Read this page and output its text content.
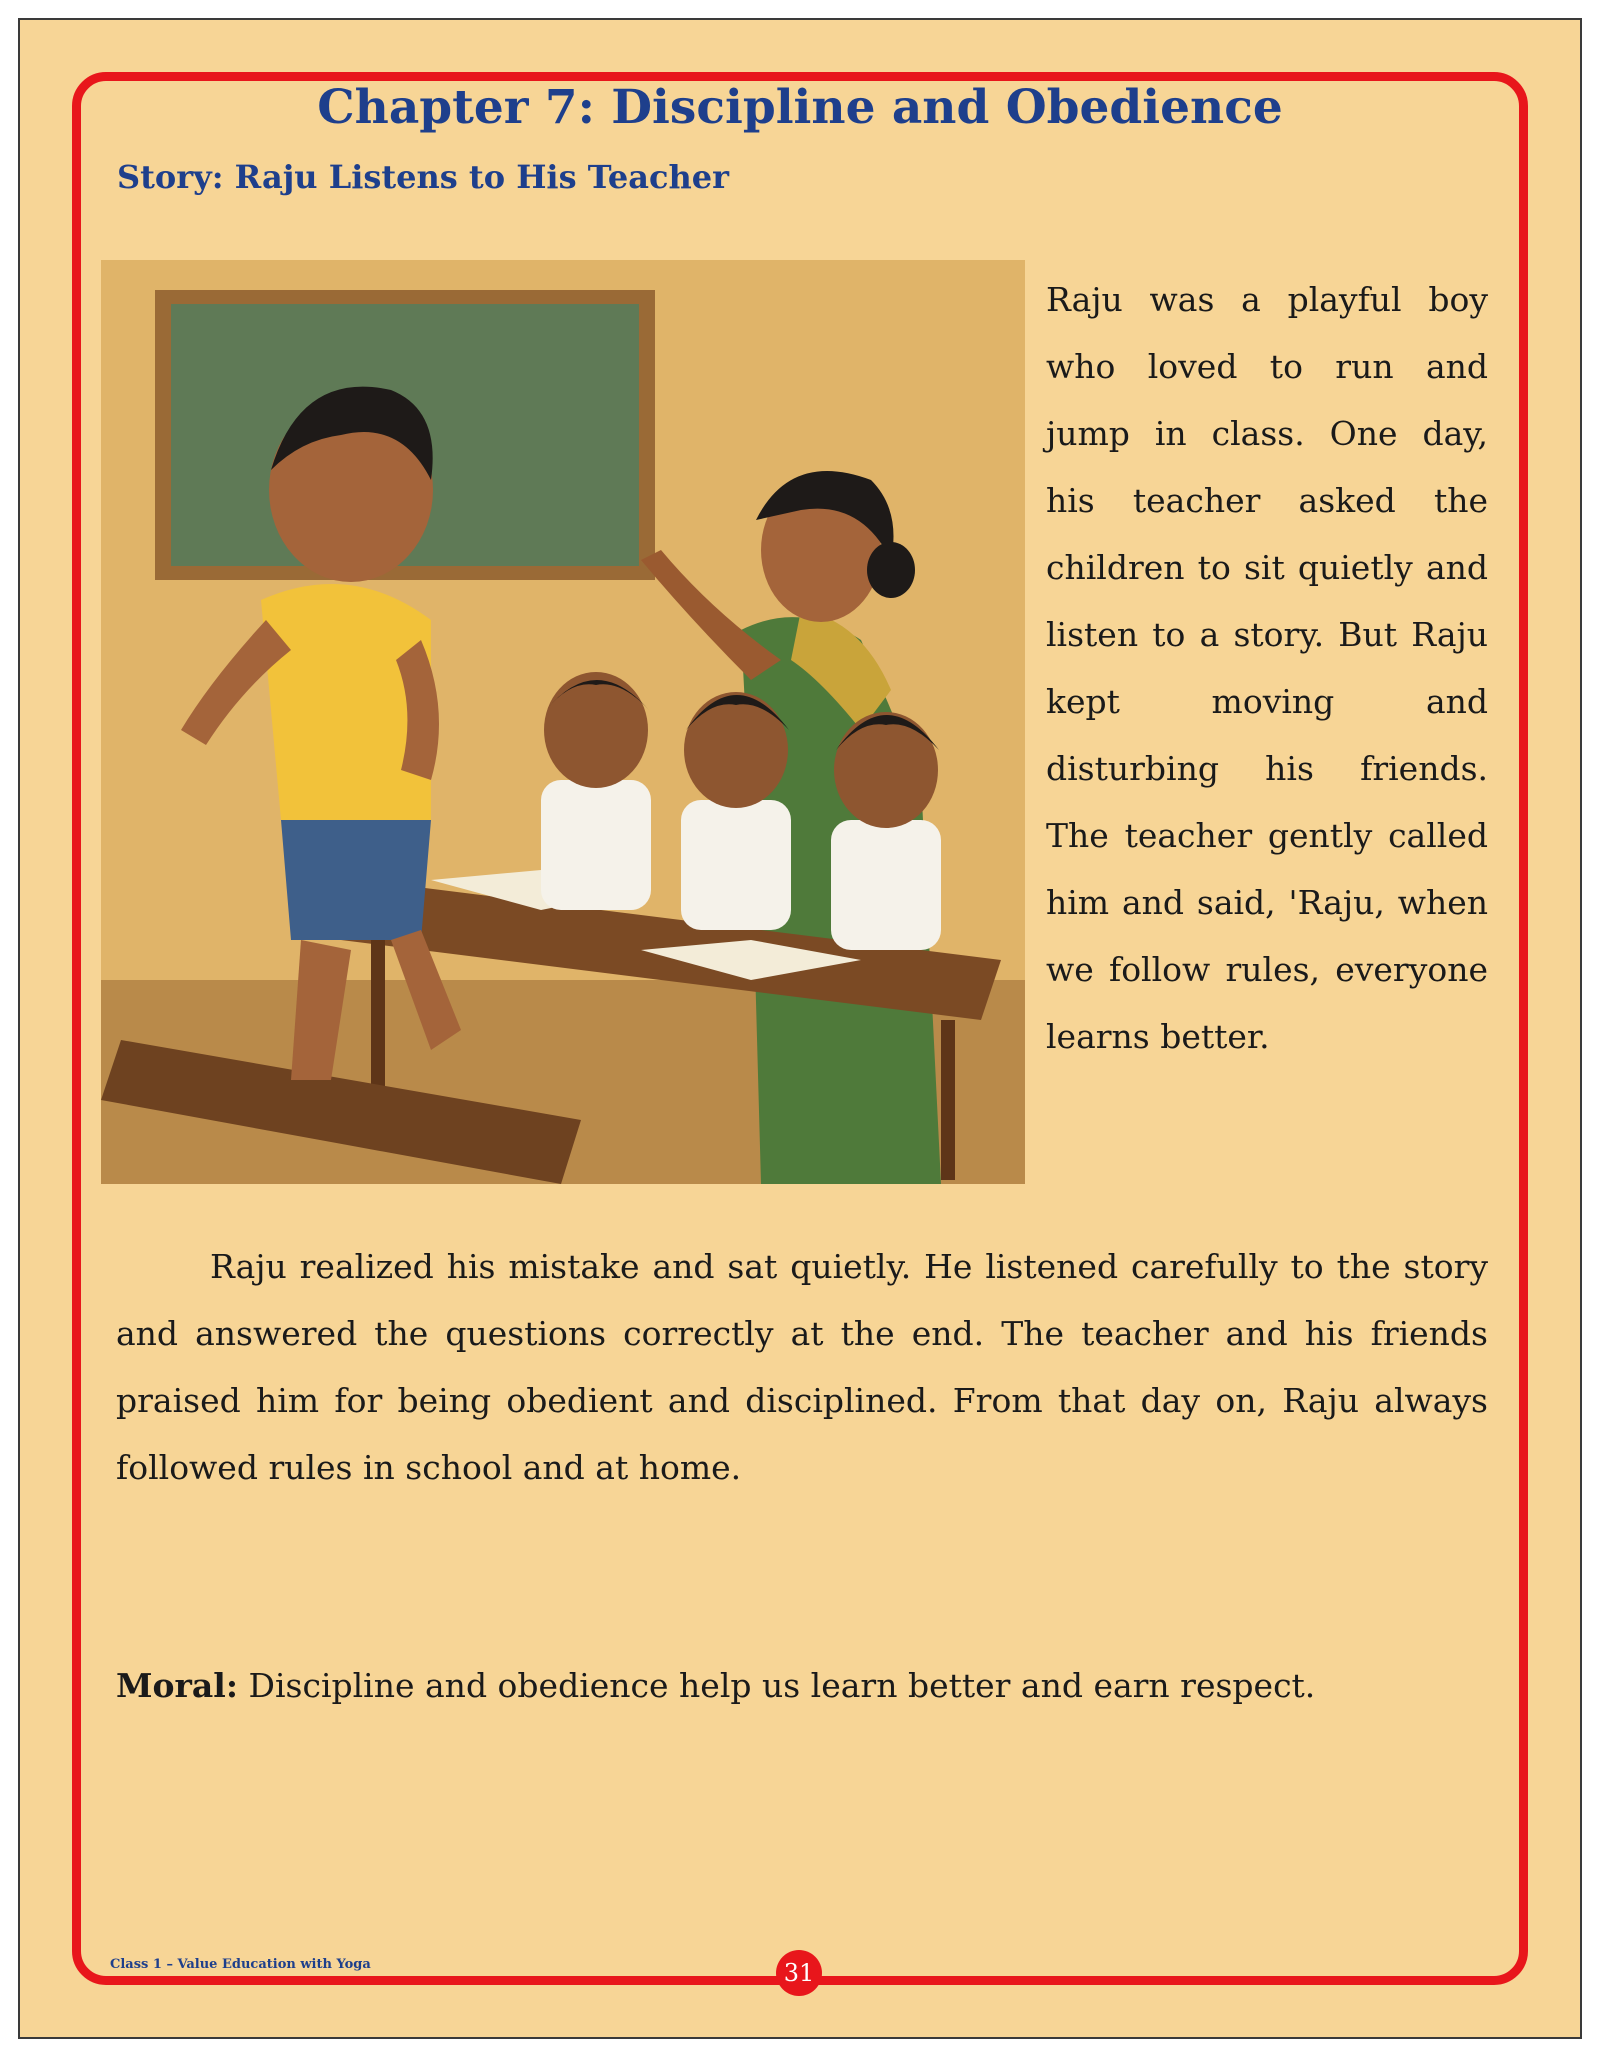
Chapter 7: Discipline and Obedience
Story: Raju Listens to His Teacher

Raju was a playful boy who loved to run and jump in class. One day, his teacher asked the children to sit quietly and listen to a story. But Raju kept moving and disturbing his friends. The teacher gently called him and said, 'Raju, when we follow rules, everyone learns better.

Raju realized his mistake and sat quietly. He listened carefully to the story and answered the questions correctly at the end. The teacher and his friends praised him for being obedient and disciplined. From that day on, Raju always followed rules in school and at home.

Moral: Discipline and obedience help us learn better and earn respect.

Class 1 – Value Education with Yoga	31
